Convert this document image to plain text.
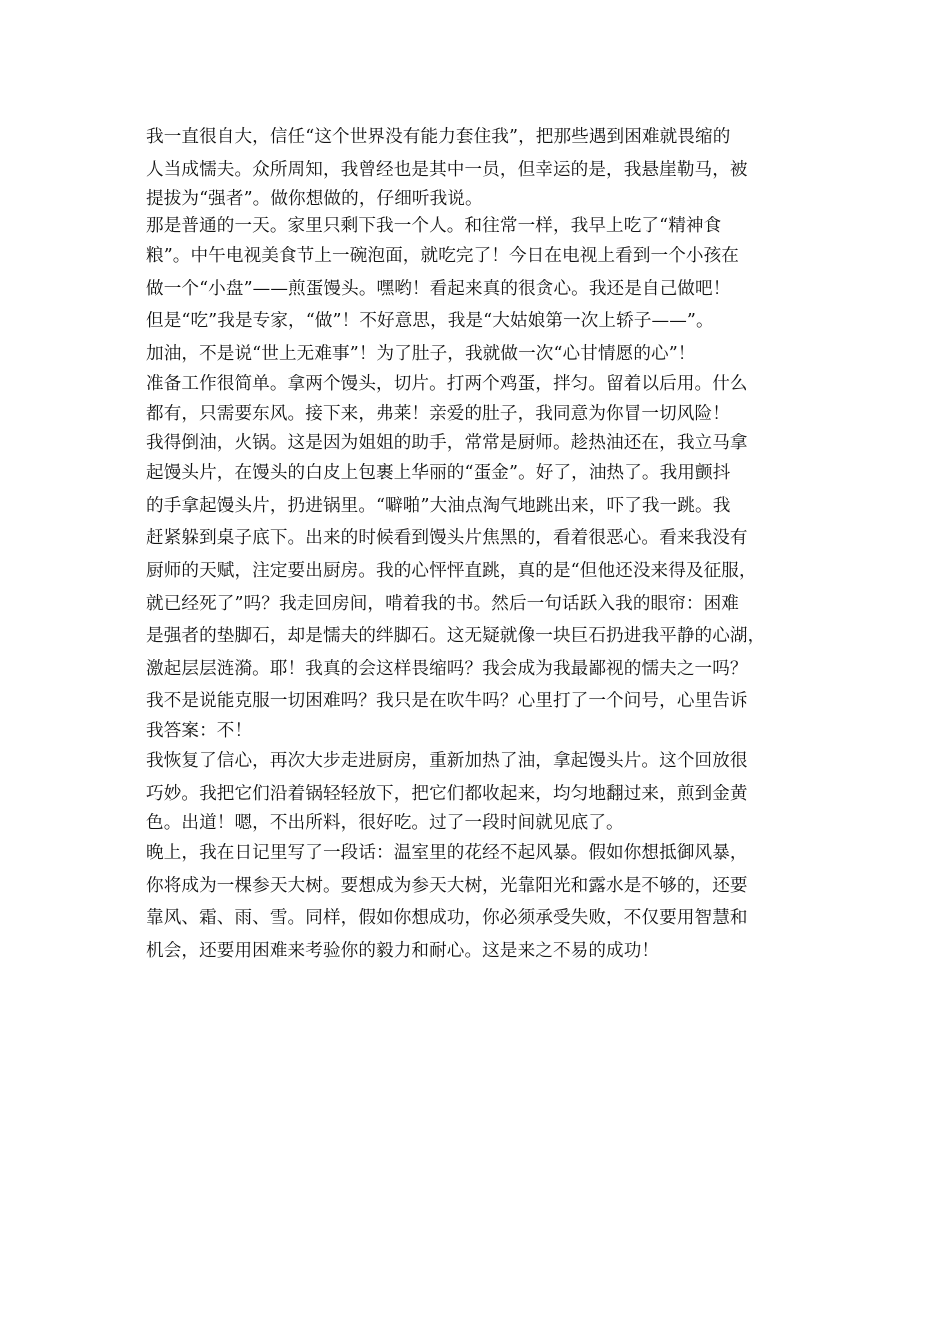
我一直很自大，信任“这个世界没有能力套住我”，把那些遇到困难就畏缩的
人当成懦夫。众所周知，我曾经也是其中一员，但幸运的是，我悬崖勒马，被
提拔为“强者”。做你想做的，仔细听我说。
那是普通的一天。家里只剩下我一个人。和往常一样，我早上吃了“精神食
粮”。中午电视美食节上一碗泡面，就吃完了！今日在电视上看到一个小孩在
做一个“小盘”——煎蛋馒头。嘿哟！看起来真的很贪心。我还是自己做吧！
但是“吃”我是专家，“做”！不好意思，我是“大姑娘第一次上轿子——”。
加油，不是说“世上无难事”！为了肚子，我就做一次“心甘情愿的心”！
准备工作很简单。拿两个馒头，切片。打两个鸡蛋，拌匀。留着以后用。什么
都有，只需要东风。接下来，弗莱！亲爱的肚子，我同意为你冒一切风险！
我得倒油，火锅。这是因为姐姐的助手，常常是厨师。趁热油还在，我立马拿
起馒头片，在馒头的白皮上包裹上华丽的“蛋金”。好了，油热了。我用颤抖
的手拿起馒头片，扔进锅里。“噼啪”大油点淘气地跳出来，吓了我一跳。我
赶紧躲到桌子底下。出来的时候看到馒头片焦黑的，看着很恶心。看来我没有
厨师的天赋，注定要出厨房。我的心怦怦直跳，真的是“但他还没来得及征服，
就已经死了”吗？我走回房间，啃着我的书。然后一句话跃入我的眼帘：困难
是强者的垫脚石，却是懦夫的绊脚石。这无疑就像一块巨石扔进我平静的心湖，
激起层层涟漪。耶！我真的会这样畏缩吗？我会成为我最鄙视的懦夫之一吗？
我不是说能克服一切困难吗？我只是在吹牛吗？心里打了一个问号，心里告诉
我答案：不！
我恢复了信心，再次大步走进厨房，重新加热了油，拿起馒头片。这个回放很
巧妙。我把它们沿着锅轻轻放下，把它们都收起来，均匀地翻过来，煎到金黄
色。出道！嗯，不出所料，很好吃。过了一段时间就见底了。
晚上，我在日记里写了一段话：温室里的花经不起风暴。假如你想抵御风暴，
你将成为一棵参天大树。要想成为参天大树，光靠阳光和露水是不够的，还要
靠风、霜、雨、雪。同样，假如你想成功，你必须承受失败，不仅要用智慧和
机会，还要用困难来考验你的毅力和耐心。这是来之不易的成功！
